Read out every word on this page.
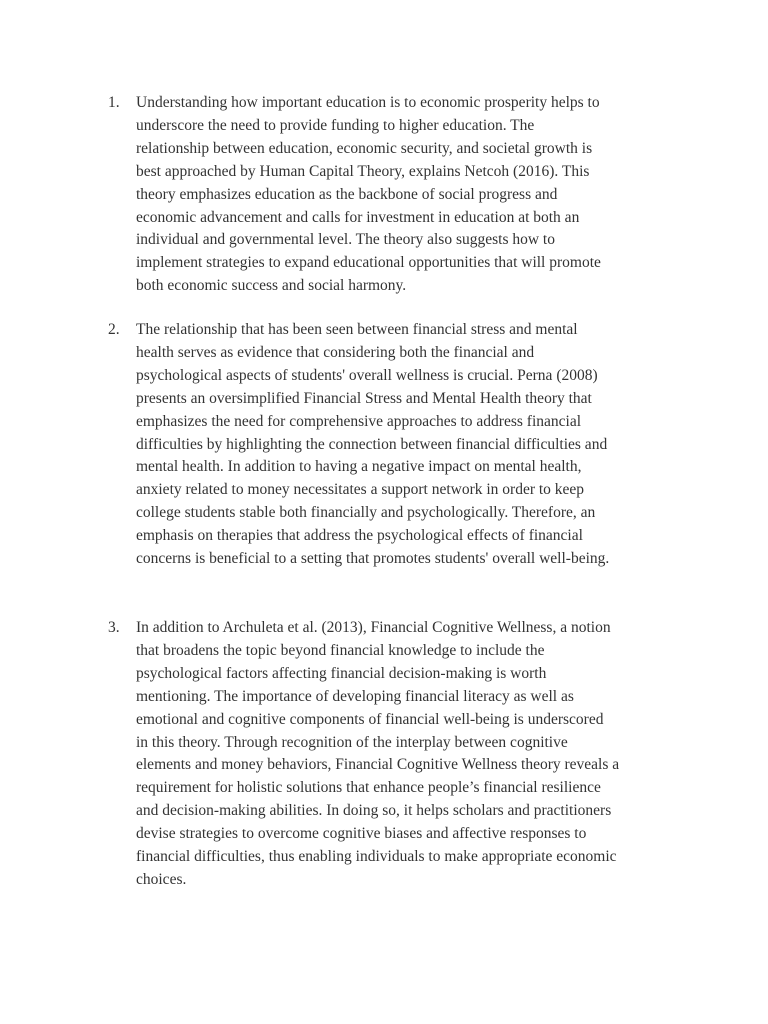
1.	Understanding how important education is to economic prosperity helps to
underscore the need to provide funding to higher education. The
relationship between education, economic security, and societal growth is
best approached by Human Capital Theory, explains Netcoh (2016). This
theory emphasizes education as the backbone of social progress and
economic advancement and calls for investment in education at both an
individual and governmental level. The theory also suggests how to
implement strategies to expand educational opportunities that will promote
both economic success and social harmony.
2.	The relationship that has been seen between financial stress and mental
health serves as evidence that considering both the financial and
psychological aspects of students' overall wellness is crucial. Perna (2008)
presents an oversimplified Financial Stress and Mental Health theory that
emphasizes the need for comprehensive approaches to address financial
difficulties by highlighting the connection between financial difficulties and
mental health. In addition to having a negative impact on mental health,
anxiety related to money necessitates a support network in order to keep
college students stable both financially and psychologically. Therefore, an
emphasis on therapies that address the psychological effects of financial
concerns is beneficial to a setting that promotes students' overall well-being.
3.	In addition to Archuleta et al. (2013), Financial Cognitive Wellness, a notion
that broadens the topic beyond financial knowledge to include the
psychological factors affecting financial decision-making is worth
mentioning. The importance of developing financial literacy as well as
emotional and cognitive components of financial well-being is underscored
in this theory. Through recognition of the interplay between cognitive
elements and money behaviors, Financial Cognitive Wellness theory reveals a
requirement for holistic solutions that enhance people’s financial resilience
and decision-making abilities. In doing so, it helps scholars and practitioners
devise strategies to overcome cognitive biases and affective responses to
financial difficulties, thus enabling individuals to make appropriate economic
choices.
